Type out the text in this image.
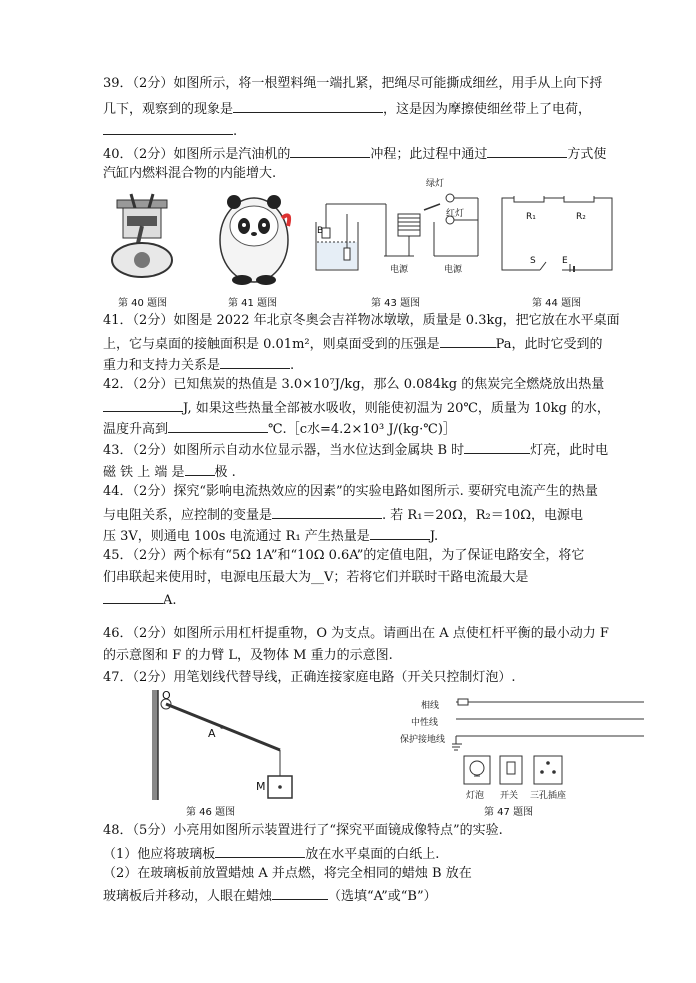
39．（2分）如图所示，将一根塑料绳一端扎紧，把绳尽可能撕成细丝，用手从上向下捋
几下，观察到的现象是	，这是因为摩擦使细丝带上了电荷，
.
40．（2分）如图所示是汽油机的	冲程；此过程中通过	方式使
汽缸内燃料混合物的内能增大.
第 40 题图	第 41 题图
绿灯
红灯
电源	电源
B
第 43 题图
R₁	R₂
S	E
第 44 题图
41．（2分）如图是 2022 年北京冬奥会吉祥物冰墩墩，质量是 0.3kg，把它放在水平桌面
上，它与桌面的接触面积是 0.01m²，则桌面受到的压强是	Pa，此时它受到的
重力和支持力关系是	.
42．（2分）已知焦炭的热值是 3.0×10⁷J/kg，那么 0.084kg 的焦炭完全燃烧放出热量
J, 如果这些热量全部被水吸收，则能使初温为 20℃，质量为 10kg 的水，
温度升高到	℃.［c水=4.2×10³ J/(kg·℃)］
43．（2分）如图所示自动水位显示器，当水位达到金属块 B 时	灯亮，此时电
磁 铁 上 端 是 极 .
44．（2分）探究“影响电流热效应的因素”的实验电路如图所示. 要研究电流产生的热量
与电阻关系，应控制的变量是	. 若 R₁＝20Ω，R₂＝10Ω，电源电
压 3V，则通电 100s 电流通过 R₁ 产生热量是	J.
45．（2分）两个标有“5Ω 1A”和“10Ω 0.6A”的定值电阻，为了保证电路安全，将它
们串联起来使用时，电源电压最大为__V；若将它们并联时干路电流最大是
A.
46．（2分）如图所示用杠杆提重物，O 为支点。请画出在 A 点使杠杆平衡的最小动力 F
的示意图和 F 的力臂 L，及物体 M 重力的示意图.
47．（2分）用笔划线代替导线，正确连接家庭电路（开关只控制灯泡）.
O
A
M
第 46 题图
相线
中性线
保护接地线
灯泡 开关 三孔插座
第 47 题图
48．（5分）小亮用如图所示装置进行了“探究平面镜成像特点”的实验.
（1）他应将玻璃板	放在水平桌面的白纸上.
（2）在玻璃板前放置蜡烛 A 并点燃，将完全相同的蜡烛 B 放在
玻璃板后并移动，人眼在蜡烛	（选填“A”或“B”）
